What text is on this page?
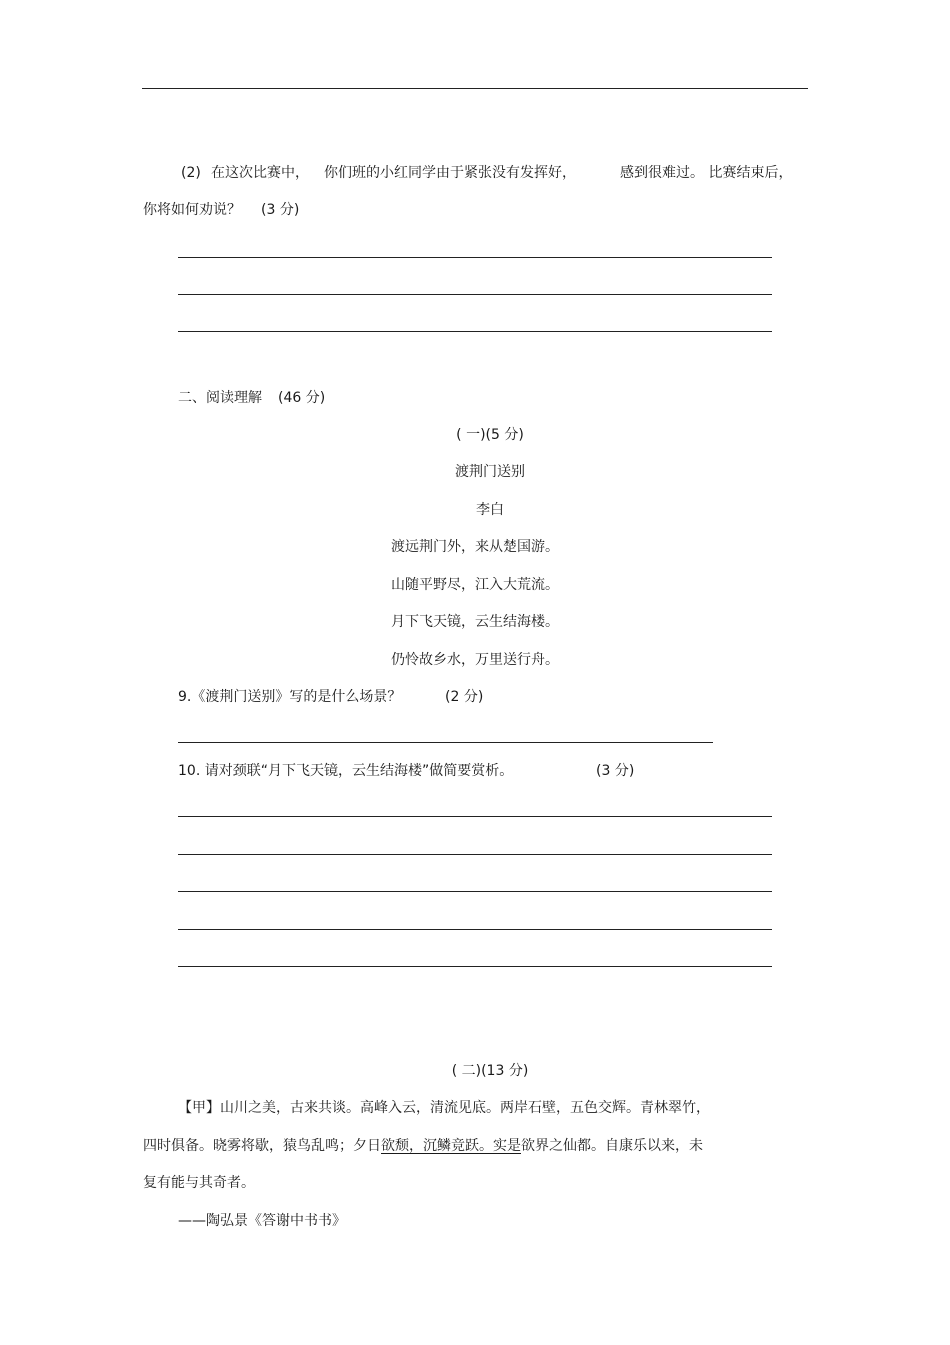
(2) 在这次比赛中， 你们班的小红同学由于紧张没有发挥好，	感到很难过。 比赛结束后，
你将如何劝说？ (3 分)
二、阅读理解 (46 分)
( 一)(5 分)
渡荆门送别
李白
渡远荆门外，来从楚国游。
山随平野尽，江入大荒流。
月下飞天镜，云生结海楼。
仍怜故乡水，万里送行舟。
9.《渡荆门送别》写的是什么场景？	(2 分)
10. 请对颈联“月下飞天镜，云生结海楼”做简要赏析。	(3 分)
( 二)(13 分)
【甲】山川之美，古来共谈。高峰入云，清流见底。两岸石壁，五色交辉。青林翠竹，
四时俱备。晓雾将歇，猿鸟乱鸣；夕日欲颓，沉鳞竞跃。实是欲界之仙都。自康乐以来，未
复有能与其奇者。
——陶弘景《答谢中书书》
